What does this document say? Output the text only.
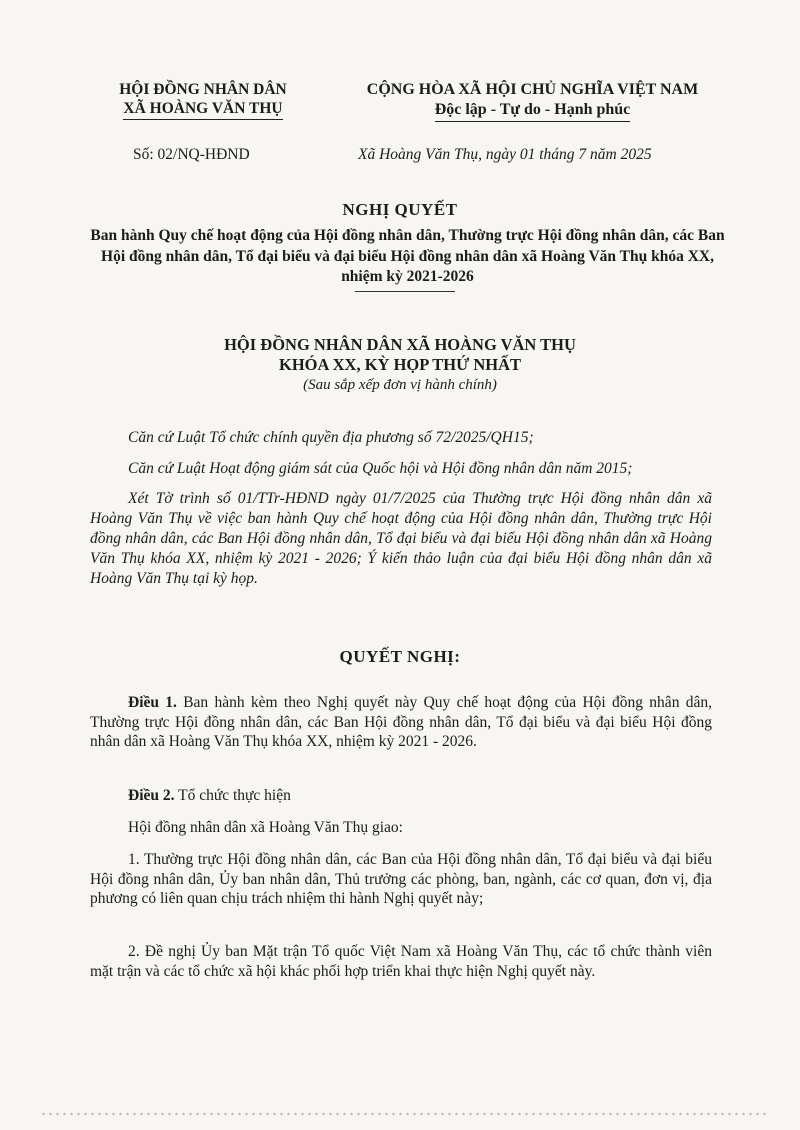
HỘI ĐỒNG NHÂN DÂN
XÃ HOÀNG VĂN THỤ
CỘNG HÒA XÃ HỘI CHỦ NGHĨA VIỆT NAM
Độc lập - Tự do - Hạnh phúc
Số: 02/NQ-HĐND	Xã Hoàng Văn Thụ, ngày 01 tháng 7 năm 2025
NGHỊ QUYẾT
Ban hành Quy chế hoạt động của Hội đồng nhân dân, Thường trực Hội đồng nhân dân, các Ban Hội đồng nhân dân, Tổ đại biểu và đại biểu Hội đồng nhân dân xã Hoàng Văn Thụ khóa XX, nhiệm kỳ 2021-2026
HỘI ĐỒNG NHÂN DÂN XÃ HOÀNG VĂN THỤ
KHÓA XX, KỲ HỌP THỨ NHẤT
(Sau sắp xếp đơn vị hành chính)
Căn cứ Luật Tổ chức chính quyền địa phương số 72/2025/QH15;
Căn cứ Luật Hoạt động giám sát của Quốc hội và Hội đồng nhân dân năm 2015;
Xét Tờ trình số 01/TTr-HĐND ngày 01/7/2025 của Thường trực Hội đồng nhân dân xã Hoàng Văn Thụ về việc ban hành Quy chế hoạt động của Hội đồng nhân dân, Thường trực Hội đồng nhân dân, các Ban Hội đồng nhân dân, Tổ đại biểu và đại biểu Hội đồng nhân dân xã Hoàng Văn Thụ khóa XX, nhiệm kỳ 2021 - 2026; Ý kiến thảo luận của đại biểu Hội đồng nhân dân xã Hoàng Văn Thụ tại kỳ họp.
QUYẾT NGHỊ:
Điều 1. Ban hành kèm theo Nghị quyết này Quy chế hoạt động của Hội đồng nhân dân, Thường trực Hội đồng nhân dân, các Ban Hội đồng nhân dân, Tổ đại biểu và đại biểu Hội đồng nhân dân xã Hoàng Văn Thụ khóa XX, nhiệm kỳ 2021 - 2026.
Điều 2. Tổ chức thực hiện
Hội đồng nhân dân xã Hoàng Văn Thụ giao:
1. Thường trực Hội đồng nhân dân, các Ban của Hội đồng nhân dân, Tổ đại biểu và đại biểu Hội đồng nhân dân, Ủy ban nhân dân, Thủ trưởng các phòng, ban, ngành, các cơ quan, đơn vị, địa phương có liên quan chịu trách nhiệm thi hành Nghị quyết này;
2. Đề nghị Ủy ban Mặt trận Tổ quốc Việt Nam xã Hoàng Văn Thụ, các tổ chức thành viên mặt trận và các tổ chức xã hội khác phối hợp triển khai thực hiện Nghị quyết này.
